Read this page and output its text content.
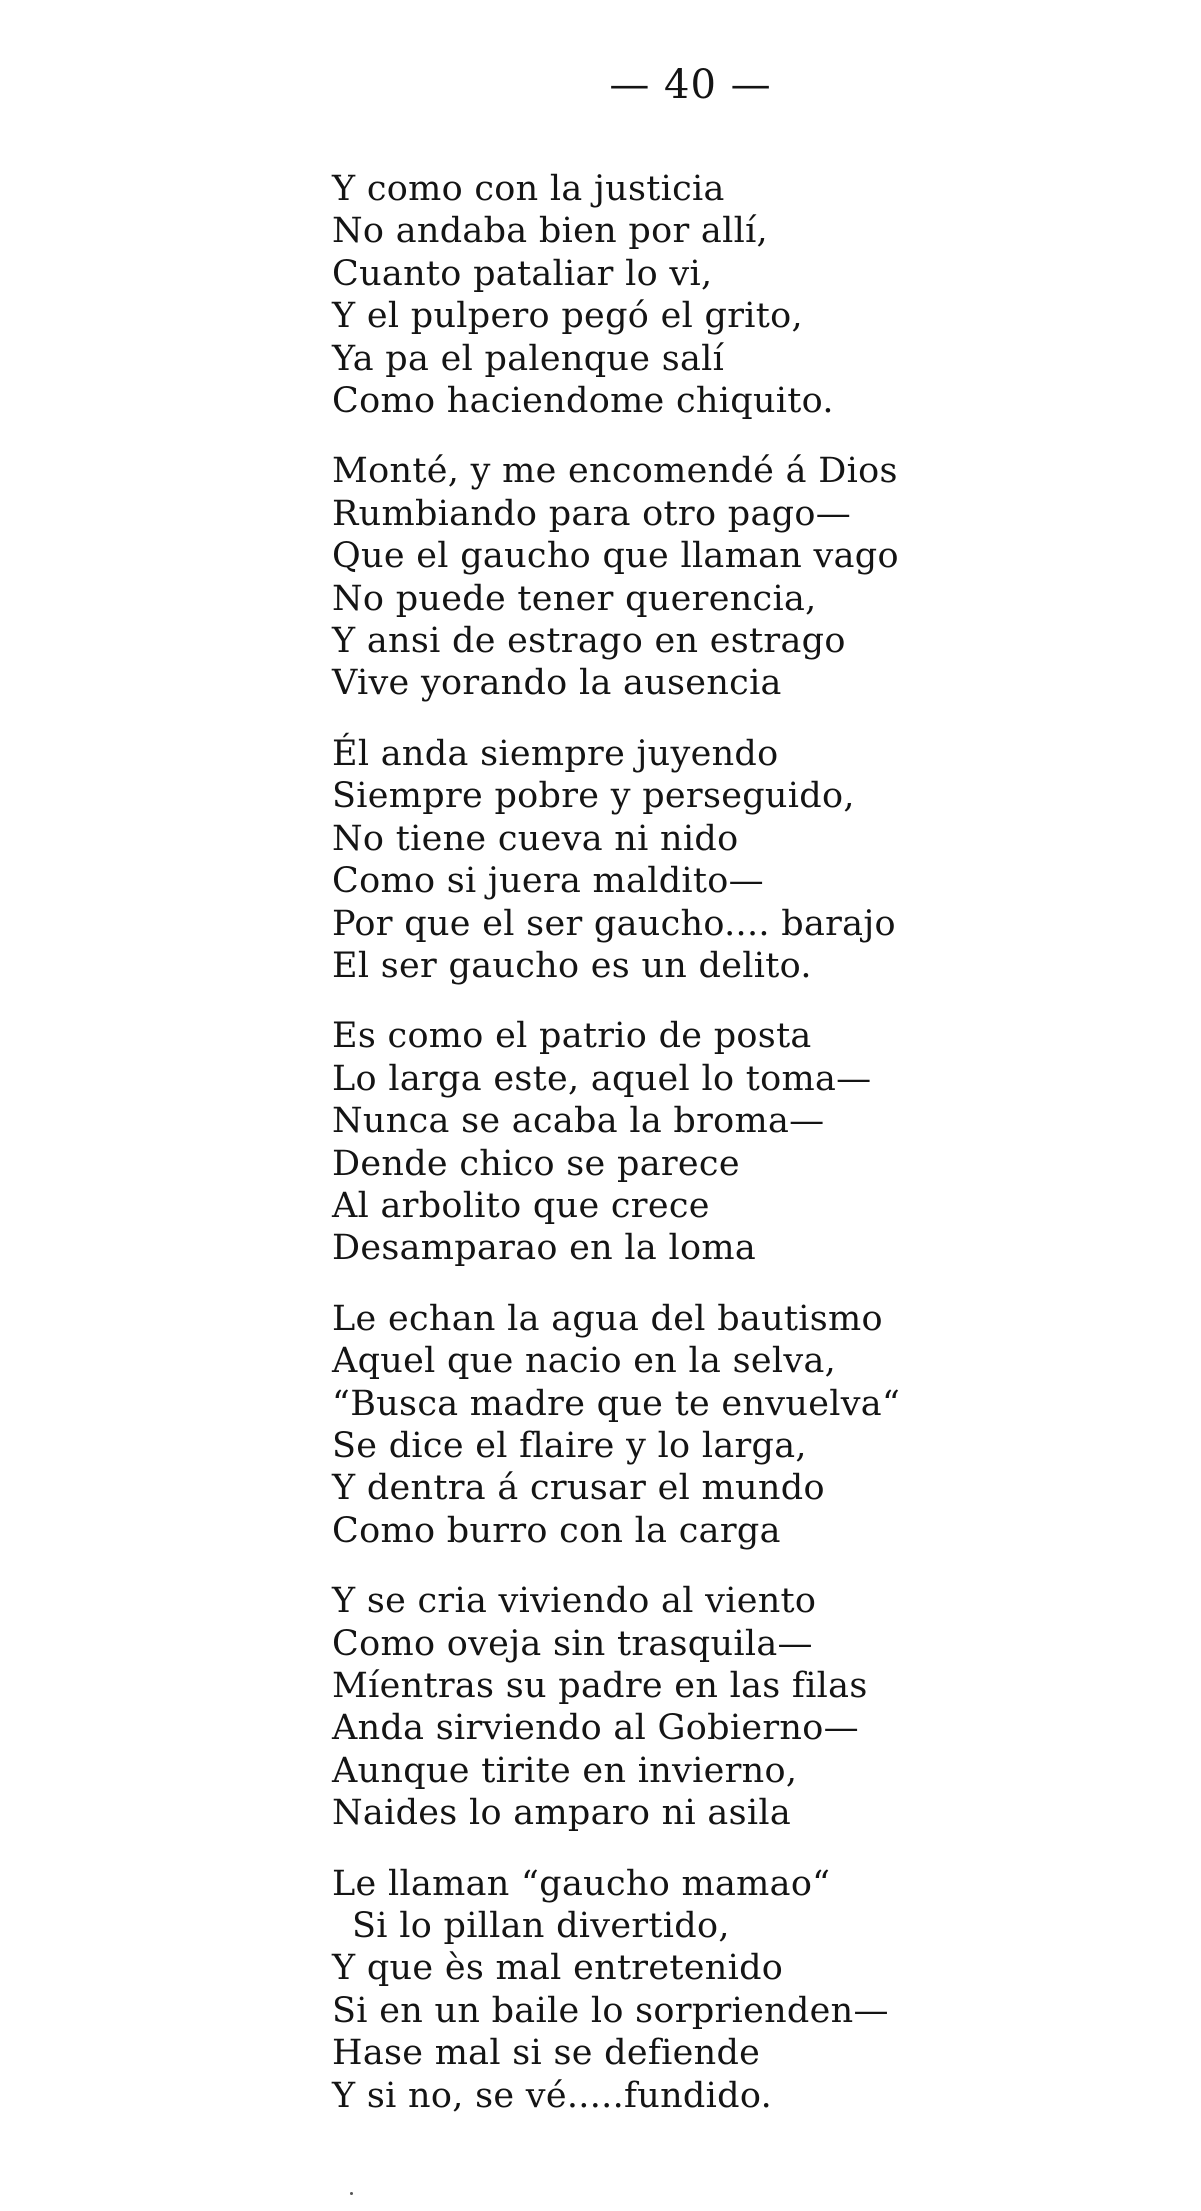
— 40 —
Y como con la justicia
No andaba bien por allí,
Cuanto pataliar lo vi,
Y el pulpero pegó el grito,
Ya pa el palenque salí
Como haciendome chiquito.
Monté, y me encomendé á Dios
Rumbiando para otro pago—
Que el gaucho que llaman vago
No puede tener querencia,
Y ansi de estrago en estrago
Vive yorando la ausencia
Él anda siempre juyendo
Siempre pobre y perseguido,
No tiene cueva ni nido
Como si juera maldito—
Por que el ser gaucho.... barajo
El ser gaucho es un delito.
Es como el patrio de posta
Lo larga este, aquel lo toma—
Nunca se acaba la broma—
Dende chico se parece
Al arbolito que crece
Desamparao en la loma
Le echan la agua del bautismo
Aquel que nacio en la selva,
“Busca madre que te envuelva“
Se dice el flaire y lo larga,
Y dentra á crusar el mundo
Como burro con la carga
Y se cria viviendo al viento
Como oveja sin trasquila—
Míentras su padre en las filas
Anda sirviendo al Gobierno—
Aunque tirite en invierno,
Naides lo amparo ni asila
Le llaman “gaucho mamao“
Si lo pillan divertido,
Y que ès mal entretenido
Si en un baile lo sorprienden—
Hase mal si se defiende
Y si no, se vé.....fundido.
